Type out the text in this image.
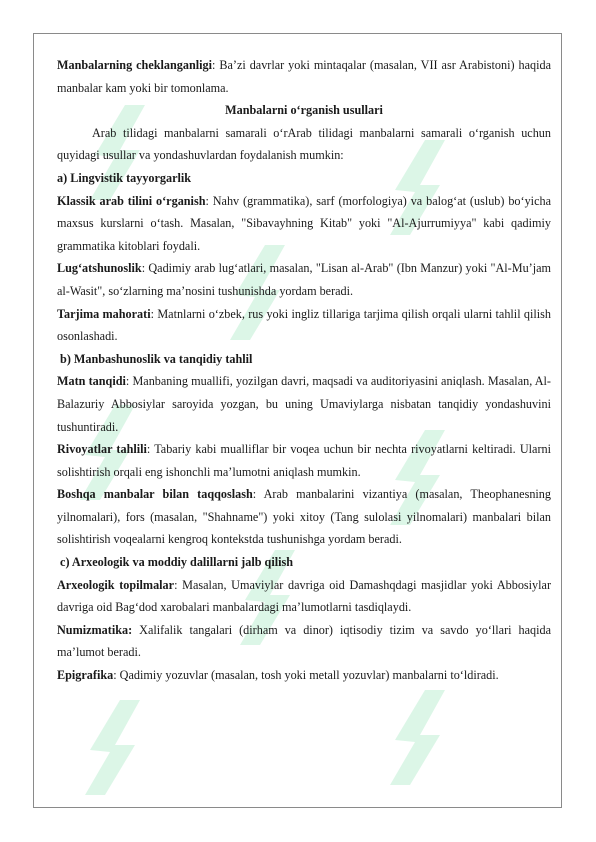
Manbalarning cheklanganligi: Ba’zi davrlar yoki mintaqalar (masalan, VII asr Arabistoni) haqida manbalar kam yoki bir tomonlama.

Manbalarni o‘rganish usullari

Arab tilidagi manbalarni samarali o‘rArab tilidagi manbalarni samarali o‘rganish uchun quyidagi usullar va yondashuvlardan foydalanish mumkin:

a) Lingvistik tayyorgarlik

Klassik arab tilini o‘rganish: Nahv (grammatika), sarf (morfologiya) va balog‘at (uslub) bo‘yicha maxsus kurslarni o‘tash. Masalan, "Sibavayhning Kitab" yoki "Al-Ajurrumiyya" kabi qadimiy grammatika kitoblari foydali.

Lug‘atshunoslik: Qadimiy arab lug‘atlari, masalan, "Lisan al-Arab" (Ibn Manzur) yoki "Al-Mu’jam al-Wasit", so‘zlarning ma’nosini tushunishda yordam beradi.

Tarjima mahorati: Matnlarni o‘zbek, rus yoki ingliz tillariga tarjima qilish orqali ularni tahlil qilish osonlashadi.

b) Manbashunoslik va tanqidiy tahlil

Matn tanqidi: Manbaning muallifi, yozilgan davri, maqsadi va auditoriyasini aniqlash. Masalan, Al-Balazuriy Abbosiylar saroyida yozgan, bu uning Umaviylarga nisbatan tanqidiy yondashuvini tushuntiradi.

Rivoyatlar tahlili: Tabariy kabi mualliflar bir voqea uchun bir nechta rivoyatlarni keltiradi. Ularni solishtirish orqali eng ishonchli ma’lumotni aniqlash mumkin.

Boshqa manbalar bilan taqqoslash: Arab manbalarini vizantiya (masalan, Theophanesning yilnomalari), fors (masalan, "Shahname") yoki xitoy (Tang sulolasi yilnomalari) manbalari bilan solishtirish voqealarni kengroq kontekstda tushunishga yordam beradi.

c) Arxeologik va moddiy dalillarni jalb qilish

Arxeologik topilmalar: Masalan, Umaviylar davriga oid Damashqdagi masjidlar yoki Abbosiylar davriga oid Bag‘dod xarobalari manbalardagi ma’lumotlarni tasdiqlaydi.

Numizmatika: Xalifalik tangalari (dirham va dinor) iqtisodiy tizim va savdo yo‘llari haqida ma’lumot beradi.

Epigrafika: Qadimiy yozuvlar (masalan, tosh yoki metall yozuvlar) manbalarni to‘ldiradi.
